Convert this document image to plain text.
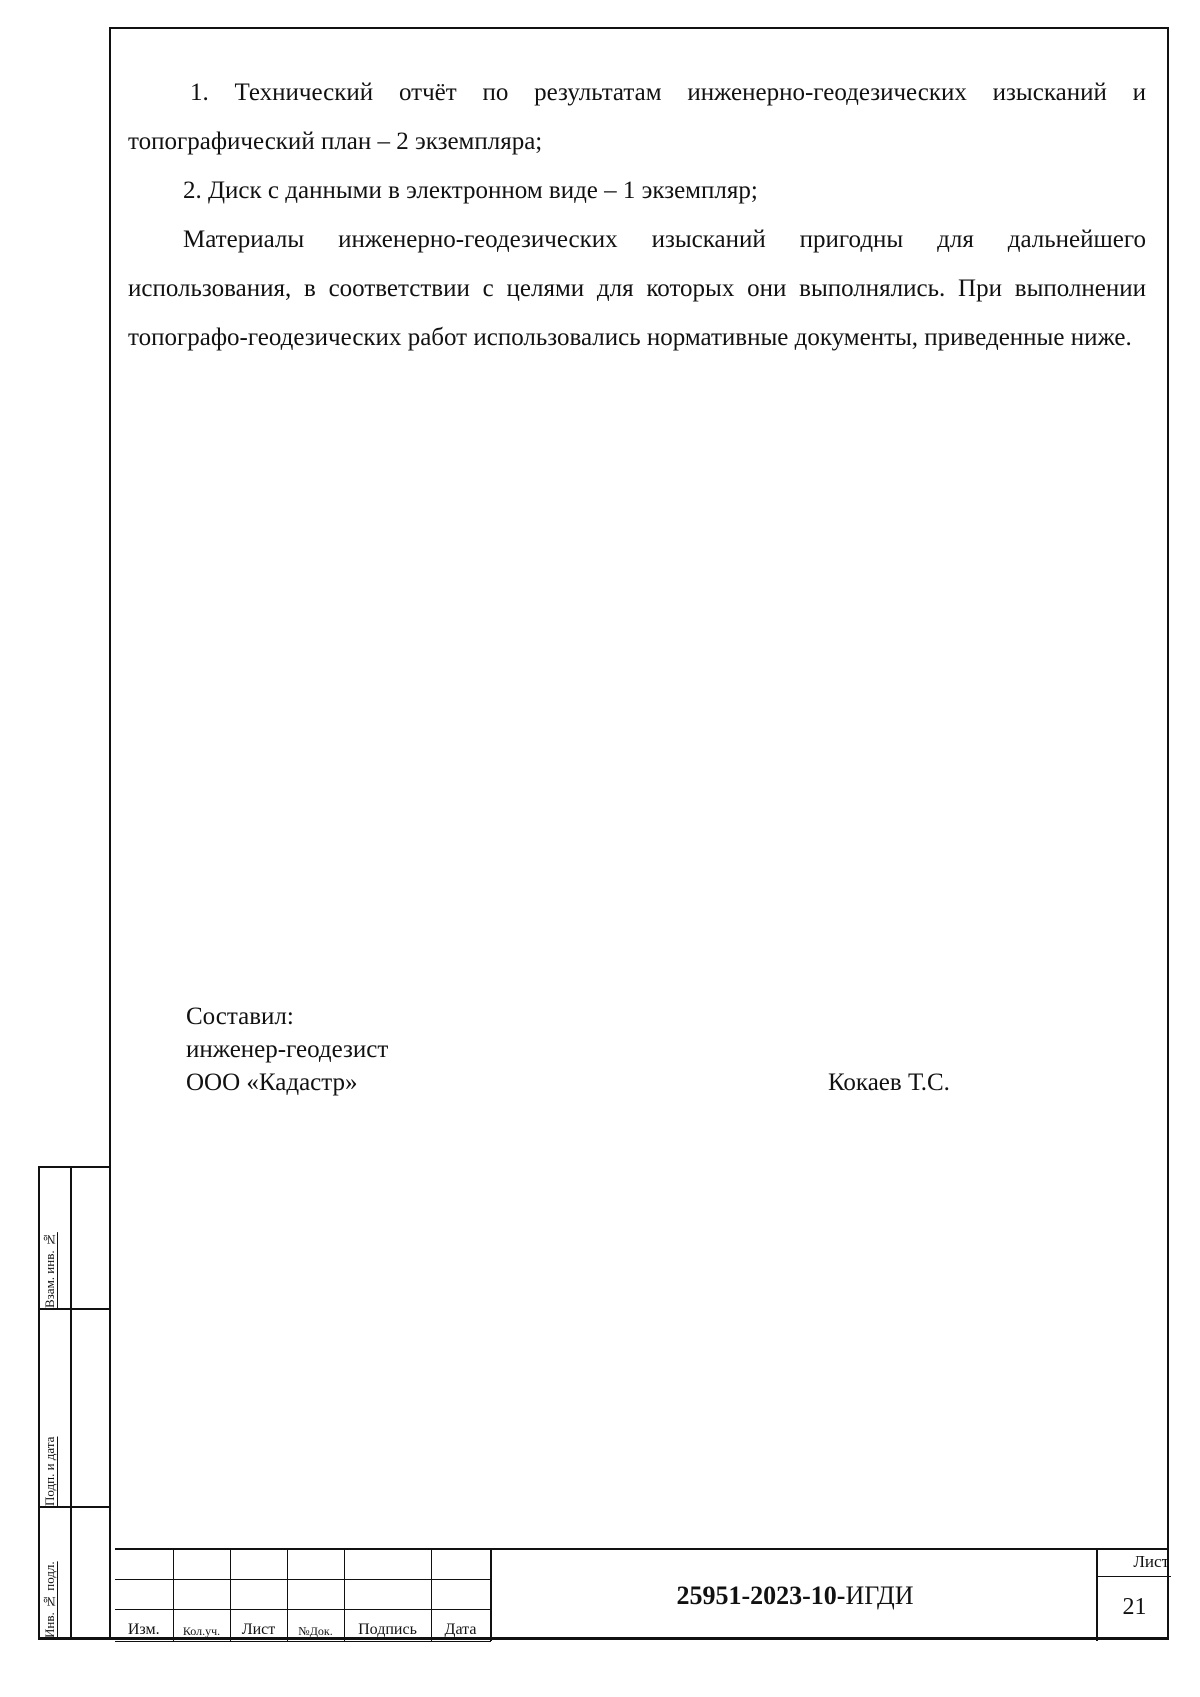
1. Технический отчёт по результатам инженерно-геодезических изысканий и топографический план – 2 экземпляра;

2. Диск с данными в электронном виде – 1 экземпляр;

Материалы инженерно-геодезических изысканий пригодны для дальнейшего использования, в соответствии с целями для которых они выполнялись. При выполнении топографо-геодезических работ использовались нормативные документы, приведенные ниже.

Составил:
инженер-геодезист
ООО «Кадастр»	Кокаев Т.С.
Взам. инв. №
Подп. и дата
Инв. № подл.

						Изм.	Кол.уч.	Лист	№Док.	Подпись	Дата
25951-2023-10- ИГДИ
Лист
21
